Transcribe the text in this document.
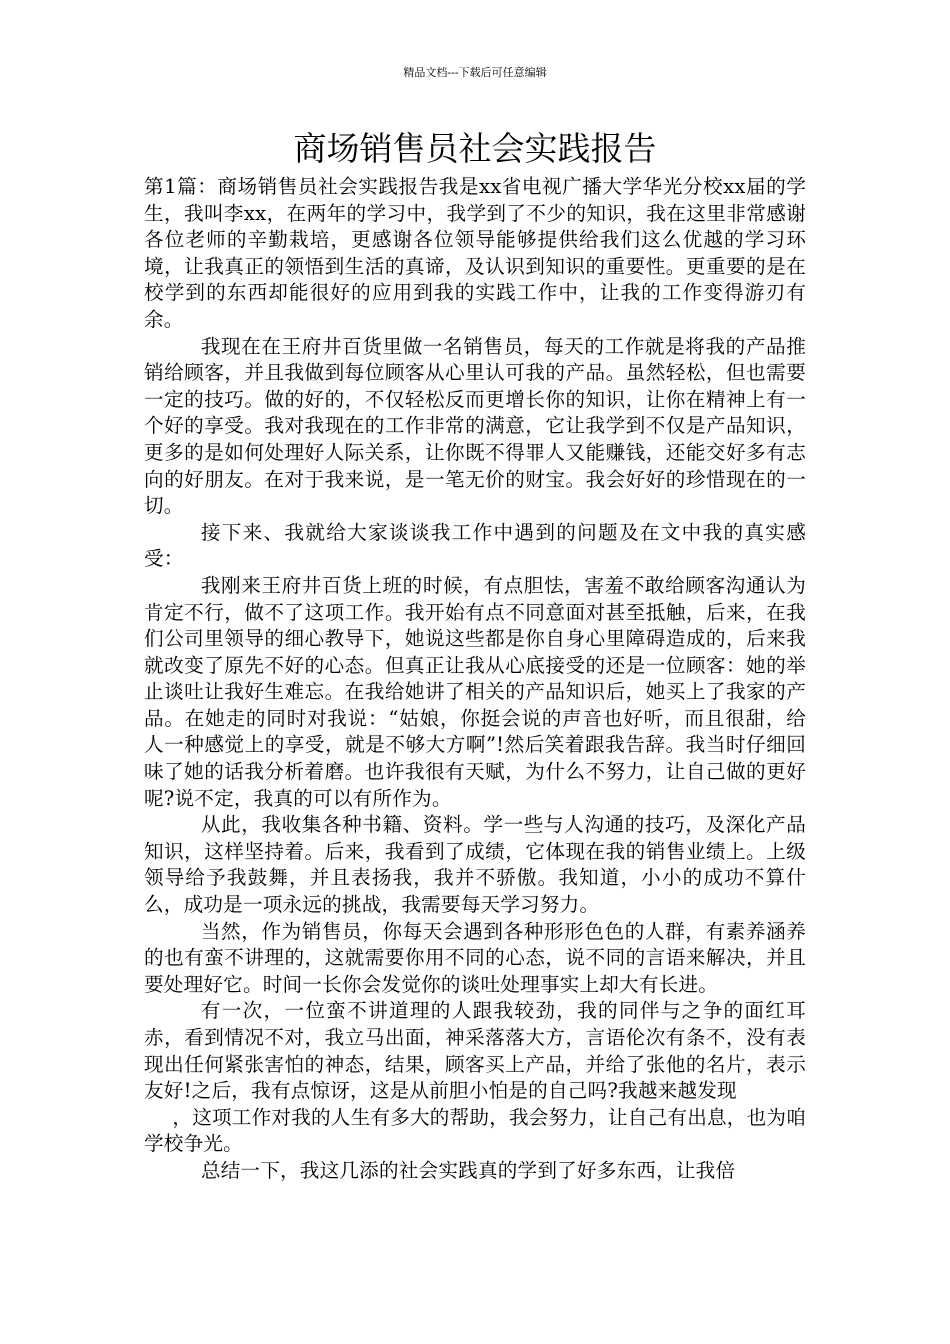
精品文档---下载后可任意编辑
商场销售员社会实践报告

第1篇：商场销售员社会实践报告我是xx省电视广播大学华光分校xx届的学生，我叫李xx，在两年的学习中，我学到了不少的知识，我在这里非常感谢各位老师的辛勤栽培，更感谢各位领导能够提供给我们这么优越的学习环境，让我真正的领悟到生活的真谛，及认识到知识的重要性。更重要的是在校学到的东西却能很好的应用到我的实践工作中，让我的工作变得游刃有余。

我现在在王府井百货里做一名销售员，每天的工作就是将我的产品推销给顾客，并且我做到每位顾客从心里认可我的产品。虽然轻松，但也需要一定的技巧。做的好的，不仅轻松反而更增长你的知识，让你在精神上有一个好的享受。我对我现在的工作非常的满意，它让我学到不仅是产品知识，更多的是如何处理好人际关系，让你既不得罪人又能赚钱，还能交好多有志向的好朋友。在对于我来说，是一笔无价的财宝。我会好好的珍惜现在的一切。

接下来、我就给大家谈谈我工作中遇到的问题及在文中我的真实感受：

我刚来王府井百货上班的时候，有点胆怯，害羞不敢给顾客沟通认为肯定不行，做不了这项工作。我开始有点不同意面对甚至抵触，后来，在我们公司里领导的细心教导下，她说这些都是你自身心里障碍造成的，后来我就改变了原先不好的心态。但真正让我从心底接受的还是一位顾客：她的举止谈吐让我好生难忘。在我给她讲了相关的产品知识后，她买上了我家的产品。在她走的同时对我说：“姑娘，你挺会说的声音也好听，而且很甜，给人一种感觉上的享受，就是不够大方啊”!然后笑着跟我告辞。我当时仔细回味了她的话我分析着磨。也许我很有天赋，为什么不努力，让自己做的更好呢?说不定，我真的可以有所作为。

从此，我收集各种书籍、资料。学一些与人沟通的技巧，及深化产品知识，这样坚持着。后来，我看到了成绩，它体现在我的销售业绩上。上级领导给予我鼓舞，并且表扬我，我并不骄傲。我知道，小小的成功不算什么，成功是一项永远的挑战，我需要每天学习努力。

当然，作为销售员，你每天会遇到各种形形色色的人群，有素养涵养的也有蛮不讲理的，这就需要你用不同的心态，说不同的言语来解决，并且要处理好它。时间一长你会发觉你的谈吐处理事实上却大有长进。

有一次，一位蛮不讲道理的人跟我较劲，我的同伴与之争的面红耳赤，看到情况不对，我立马出面，神采落落大方，言语伦次有条不，没有表现出任何紧张害怕的神态，结果，顾客买上产品，并给了张他的名片，表示友好!之后，我有点惊讶，这是从前胆小怕是的自己吗?我越来越发现

，这项工作对我的人生有多大的帮助，我会努力，让自己有出息，也为咱学校争光。

总结一下，我这几添的社会实践真的学到了好多东西，让我倍
